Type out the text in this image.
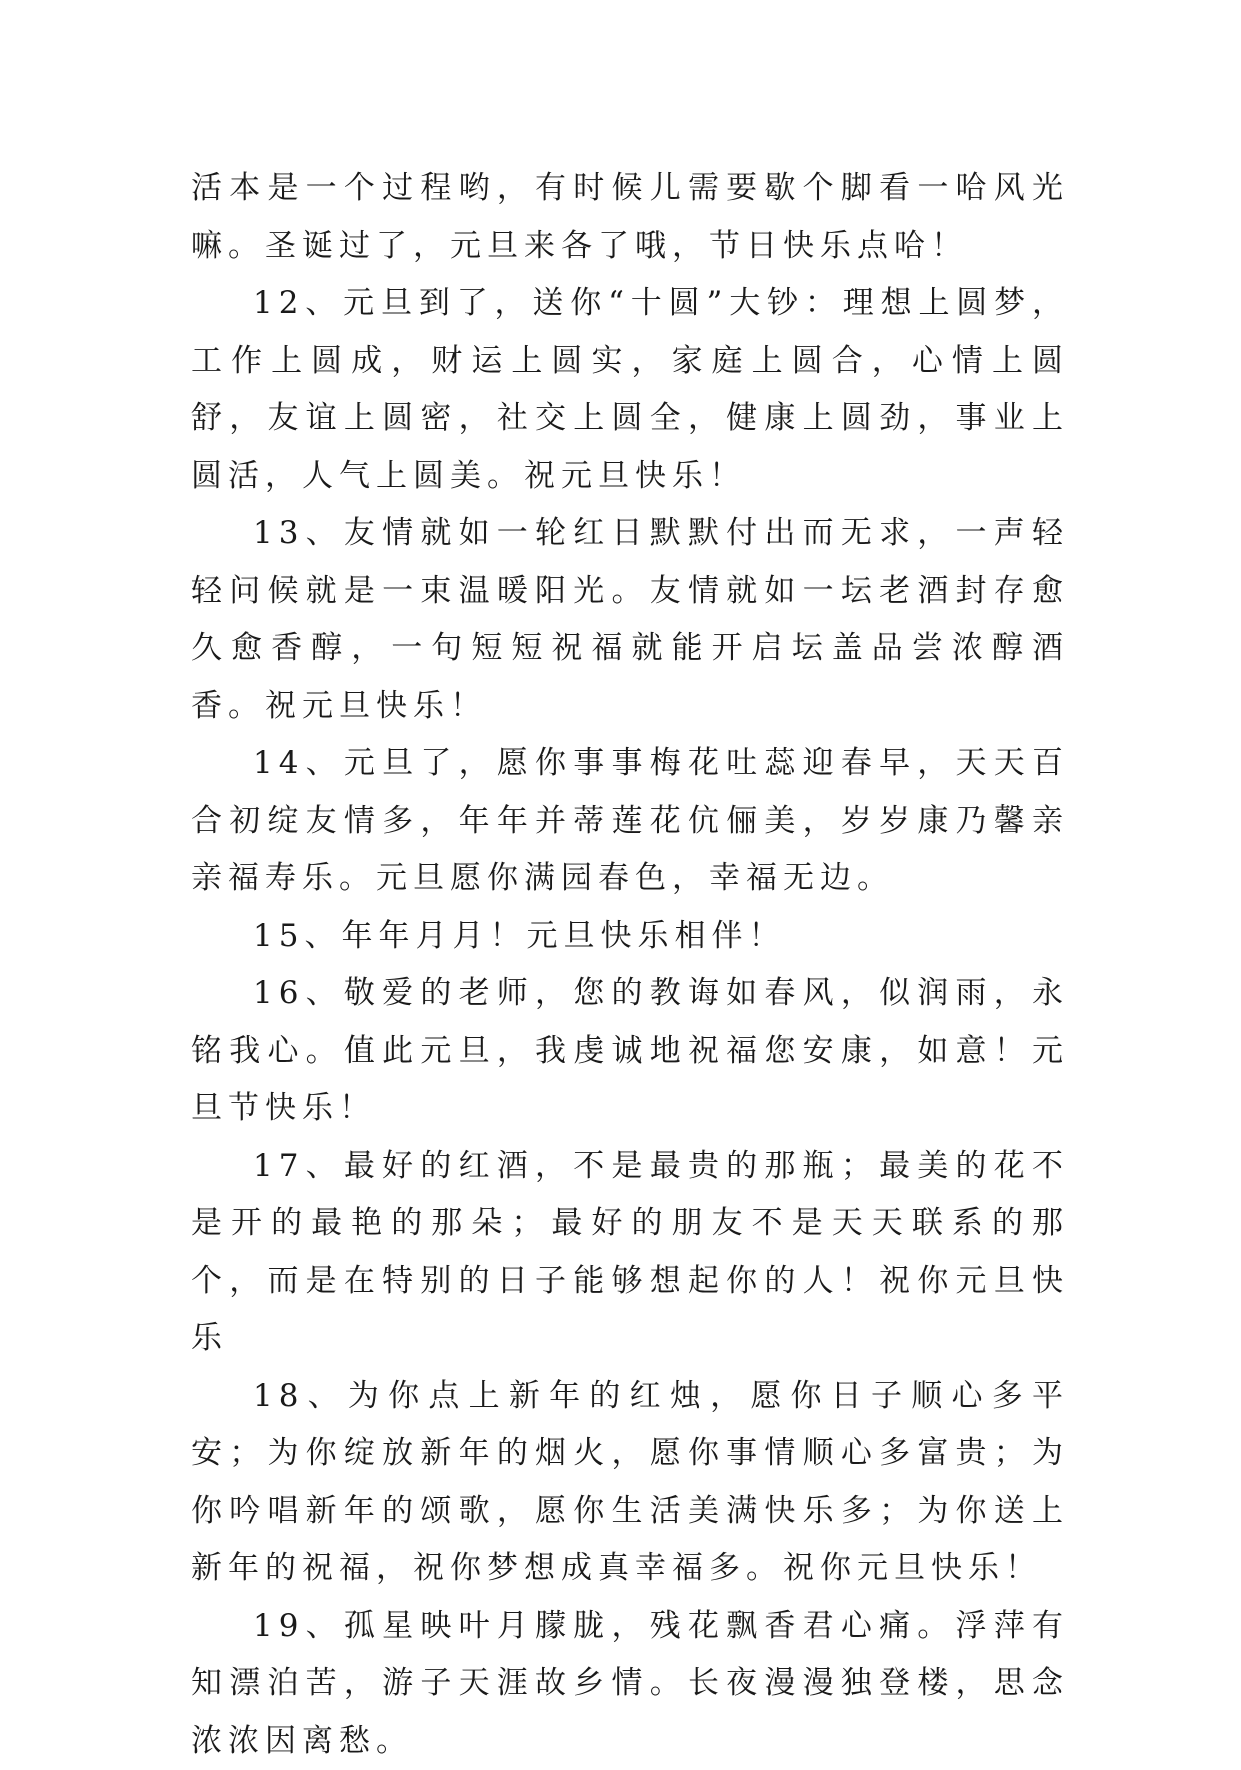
活本是一个过程哟，有时候儿需要歇个脚看一哈风光嘛。圣诞过了，元旦来各了哦，节日快乐点哈！

12、元旦到了，送你“十圆”大钞：理想上圆梦，工作上圆成，财运上圆实，家庭上圆合，心情上圆舒，友谊上圆密，社交上圆全，健康上圆劲，事业上圆活，人气上圆美。祝元旦快乐！

13、友情就如一轮红日默默付出而无求，一声轻轻问候就是一束温暖阳光。友情就如一坛老酒封存愈久愈香醇，一句短短祝福就能开启坛盖品尝浓醇酒香。祝元旦快乐！

14、元旦了，愿你事事梅花吐蕊迎春早，天天百合初绽友情多，年年并蒂莲花伉俪美，岁岁康乃馨亲亲福寿乐。元旦愿你满园春色，幸福无边。

15、年年月月！元旦快乐相伴！

16、敬爱的老师，您的教诲如春风，似润雨，永铭我心。值此元旦，我虔诚地祝福您安康，如意！元旦节快乐！

17、最好的红酒，不是最贵的那瓶；最美的花不是开的最艳的那朵；最好的朋友不是天天联系的那个，而是在特别的日子能够想起你的人！祝你元旦快乐

18、为你点上新年的红烛，愿你日子顺心多平安；为你绽放新年的烟火，愿你事情顺心多富贵；为你吟唱新年的颂歌，愿你生活美满快乐多；为你送上新年的祝福，祝你梦想成真幸福多。祝你元旦快乐！

19、孤星映叶月朦胧，残花飘香君心痛。浮萍有知漂泊苦，游子天涯故乡情。长夜漫漫独登楼，思念浓浓因离愁。
